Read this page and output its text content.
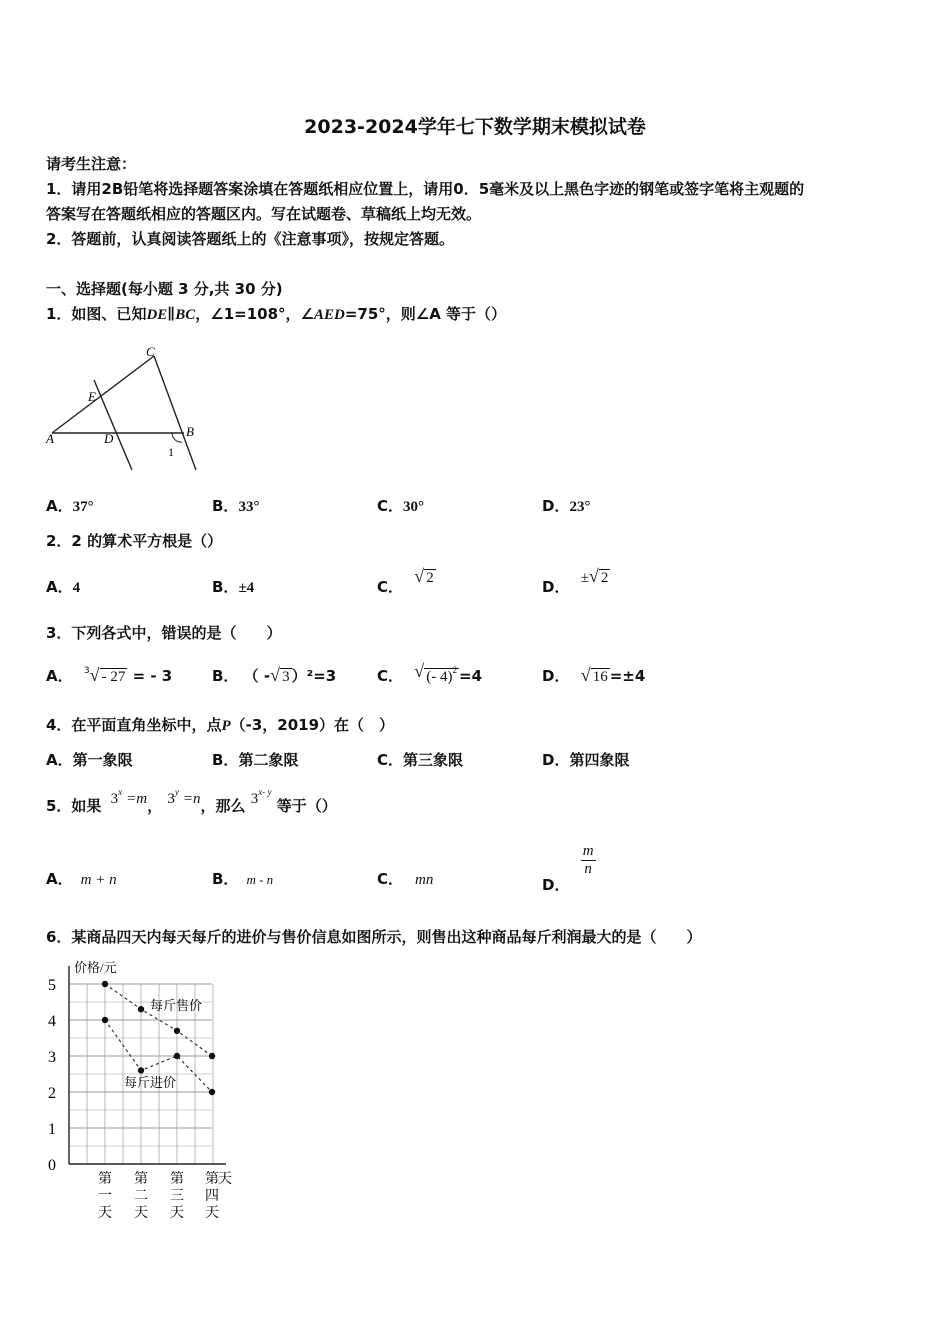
2023-2024学年七下数学期末模拟试卷
请考生注意：
1．请用2B铅笔将选择题答案涂填在答题纸相应位置上，请用0．5毫米及以上黑色字迹的钢笔或签字笔将主观题的
答案写在答题纸相应的答题区内。写在试题卷、草稿纸上均无效。
2．答题前，认真阅读答题纸上的《注意事项》，按规定答题。
一、选择题(每小题 3 分,共 30 分)
1．如图、已知DE∥BC，∠1=108°，∠AED=75°，则∠A 等于（）
A	B
C
D
E
1
A．37°	B．33°	C．30°	D．23°
2．2 的算术平方根是（）
A．4	B．±4	C．
√ 2	D． ± √ 2
3．下列各式中，错误的是（　　）
A． $^3$ √ - 27 = - 3	B． （ - √ 3 ）²=3	C． √ (- 4)$^2$ =4	D． √ 16 =±4
4．在平面直角坐标中，点P（-3，2019）在（　）
A．第一象限	B．第二象限	C．第三象限	D．第四象限
5．如果 $3^x =m$， $3^y =n$，那么 3$^{x- y}$ 等于（）
A． m + n	B． m - n	C． mn	D．
$\frac{m}{n}$
6．某商品四天内每天每斤的进价与售价信息如图所示，则售出这种商品每斤利润最大的是（　　）
价格/元
天
0
1
2
3
4
5
第
一
天
第
二
天
第
三
天
第
四
天
每斤售价
每斤进价
